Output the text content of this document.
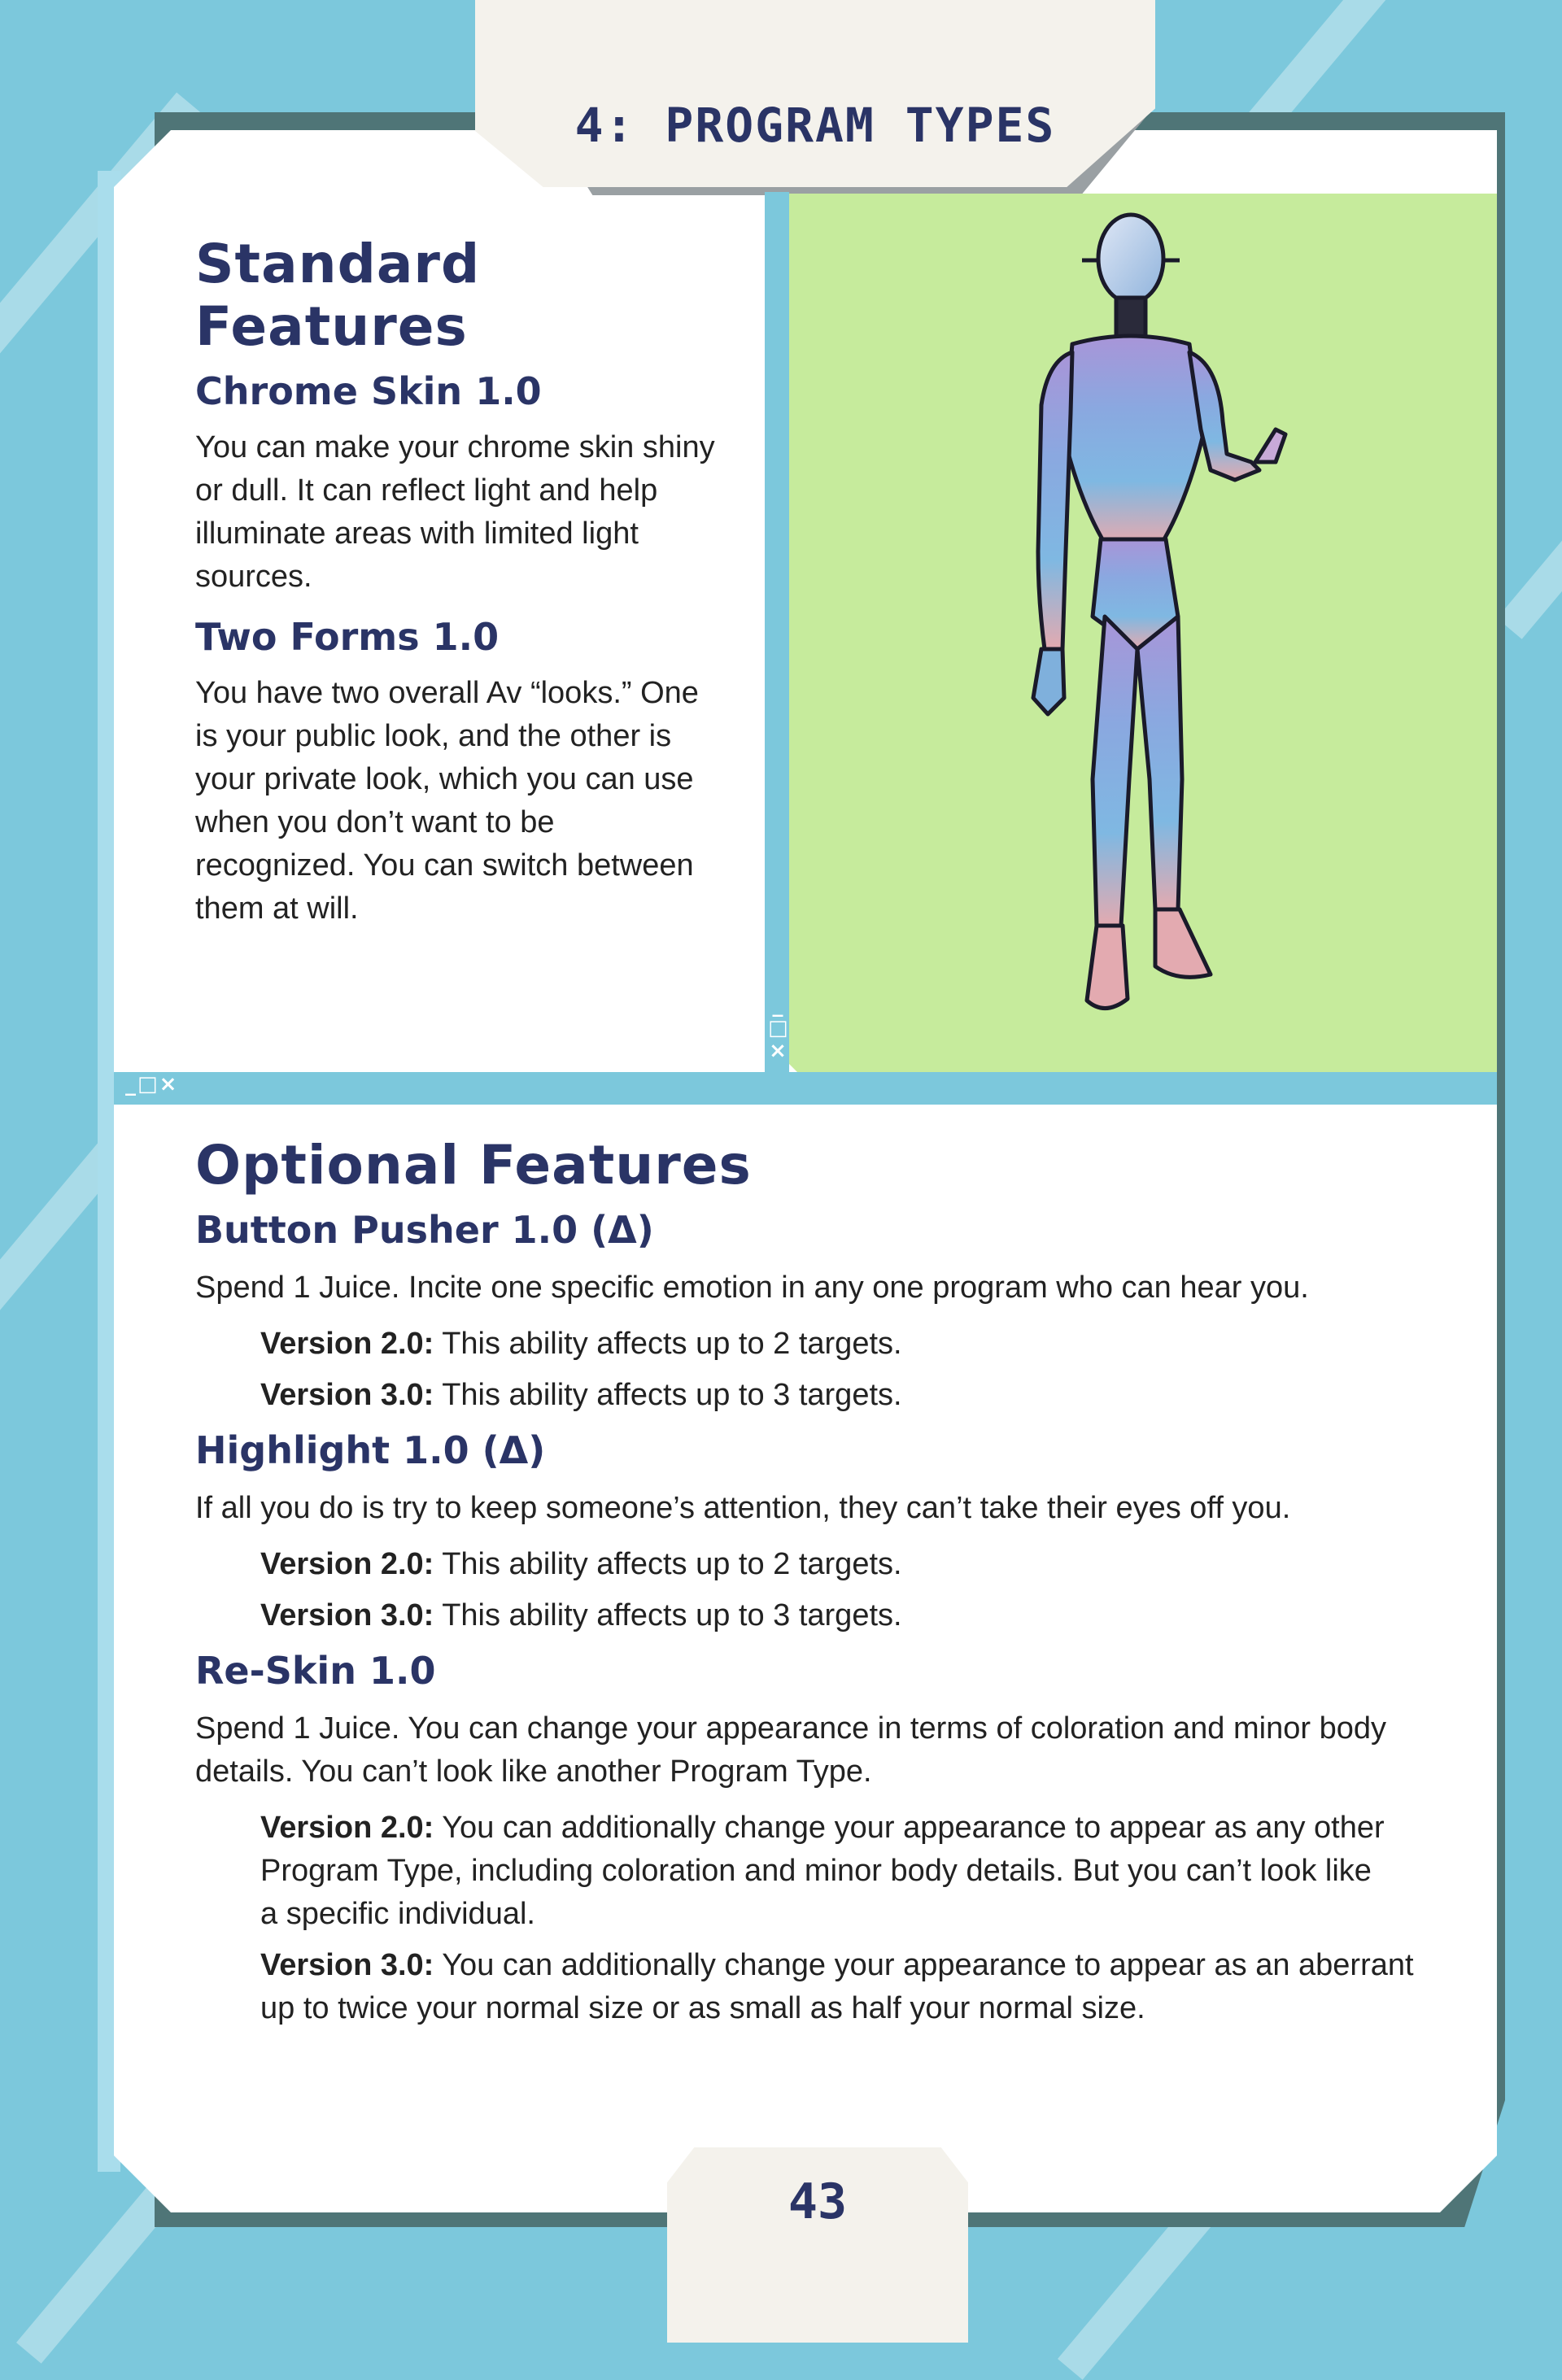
4: PROGRAM TYPES
_
□
×
_□×
Standard Features
Chrome Skin 1.0

You can make your chrome skin shiny

or dull. It can reflect light and help

illuminate areas with limited light

sources.

Two Forms 1.0

You have two overall Av “looks.” One

is your public look, and the other is

your private look, which you can use

when you don’t want to be

recognized. You can switch between

them at will.

Optional Features
Button Pusher 1.0 (Δ)

Spend 1 Juice. Incite one specific emotion in any one program who can hear you.

Version 2.0: This ability affects up to 2 targets.

Version 3.0: This ability affects up to 3 targets.

Highlight 1.0 (Δ)

If all you do is try to keep someone’s attention, they can’t take their eyes off you.

Version 2.0: This ability affects up to 2 targets.

Version 3.0: This ability affects up to 3 targets.

Re-Skin 1.0

Spend 1 Juice. You can change your appearance in terms of coloration and minor body

details. You can’t look like another Program Type.

Version 2.0: You can additionally change your appearance to appear as any other

Program Type, including coloration and minor body details. But you can’t look like

a specific individual.

Version 3.0: You can additionally change your appearance to appear as an aberrant

up to twice your normal size or as small as half your normal size.

43
